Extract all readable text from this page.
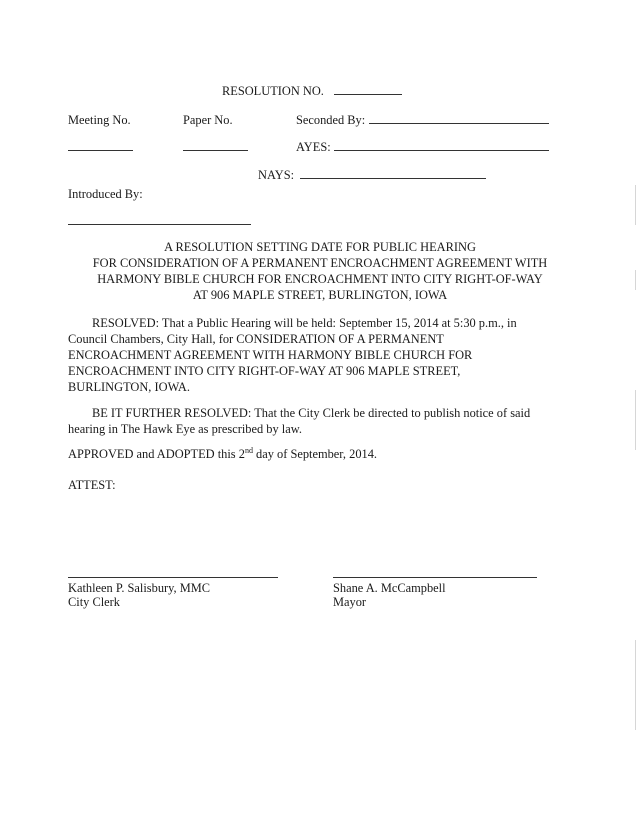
RESOLUTION NO.
Meeting No.	Paper No.	Seconded By:
AYES:
NAYS:
Introduced By:
A RESOLUTION SETTING DATE FOR PUBLIC HEARING
FOR CONSIDERATION OF A PERMANENT ENCROACHMENT AGREEMENT WITH
HARMONY BIBLE CHURCH FOR ENCROACHMENT INTO CITY RIGHT-OF-WAY
AT 906 MAPLE STREET, BURLINGTON, IOWA
RESOLVED: That a Public Hearing will be held: September 15, 2014 at 5:30 p.m., in
Council Chambers, City Hall, for CONSIDERATION OF A PERMANENT
ENCROACHMENT AGREEMENT WITH HARMONY BIBLE CHURCH FOR
ENCROACHMENT INTO CITY RIGHT-OF-WAY AT 906 MAPLE STREET,
BURLINGTON, IOWA.
BE IT FURTHER RESOLVED: That the City Clerk be directed to publish notice of said
hearing in The Hawk Eye as prescribed by law.
APPROVED and ADOPTED this 2nd day of September, 2014.
ATTEST:
Kathleen P. Salisbury, MMC
City Clerk
Shane A. McCampbell
Mayor
